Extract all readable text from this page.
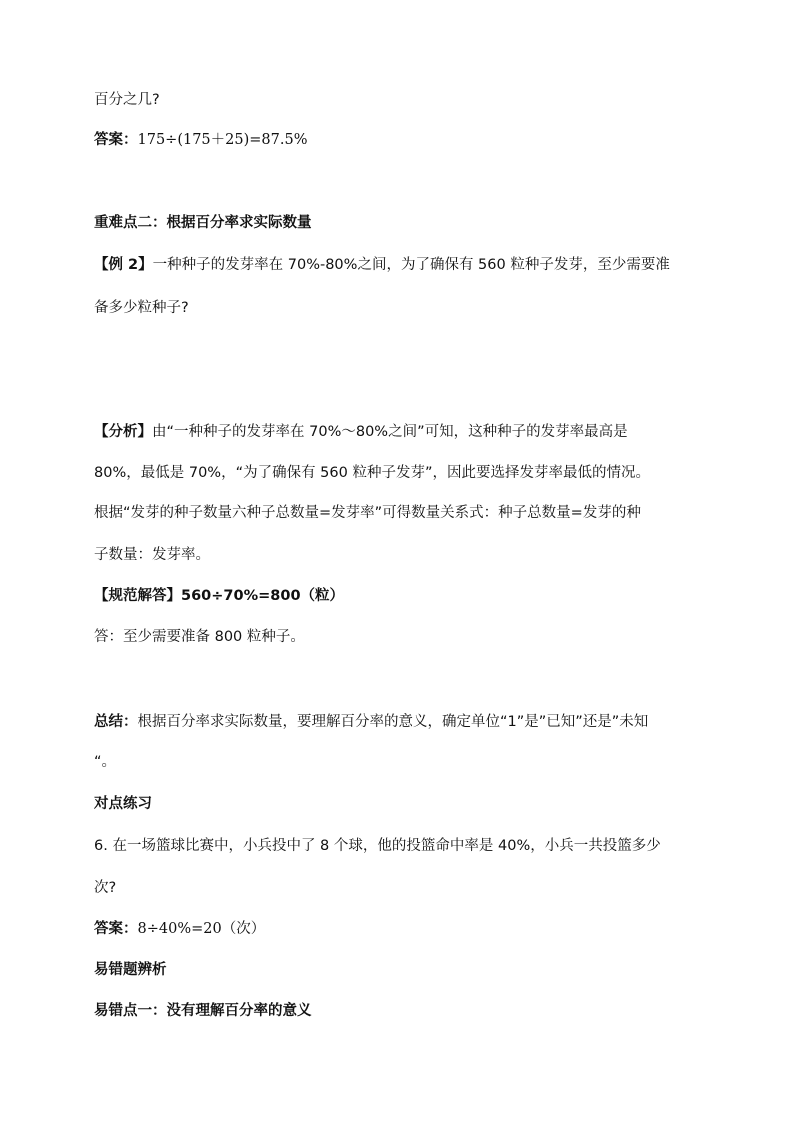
百分之几?
答案：175÷(175＋25)=87.5%
重难点二：根据百分率求实际数量
【例 2】一种种子的发芽率在 70%-80%之间，为了确保有 560 粒种子发芽，至少需要准
备多少粒种子?
【分析】由“一种种子的发芽率在 70%～80%之间”可知，这种种子的发芽率最高是
80%，最低是 70%，“为了确保有 560 粒种子发芽”，因此要选择发芽率最低的情况。
根据“发芽的种子数量六种子总数量=发芽率”可得数量关系式：种子总数量=发芽的种
子数量：发芽率。
【规范解答】560÷70%=800（粒）
答：至少需要准备 800 粒种子。
总结：根据百分率求实际数量，要理解百分率的意义，确定单位“1”是”已知”还是”未知
“。
对点练习
6. 在一场篮球比赛中，小兵投中了 8 个球，他的投篮命中率是 40%，小兵一共投篮多少
次?
答案：8÷40%=20（次）
易错题辨析
易错点一：没有理解百分率的意义
